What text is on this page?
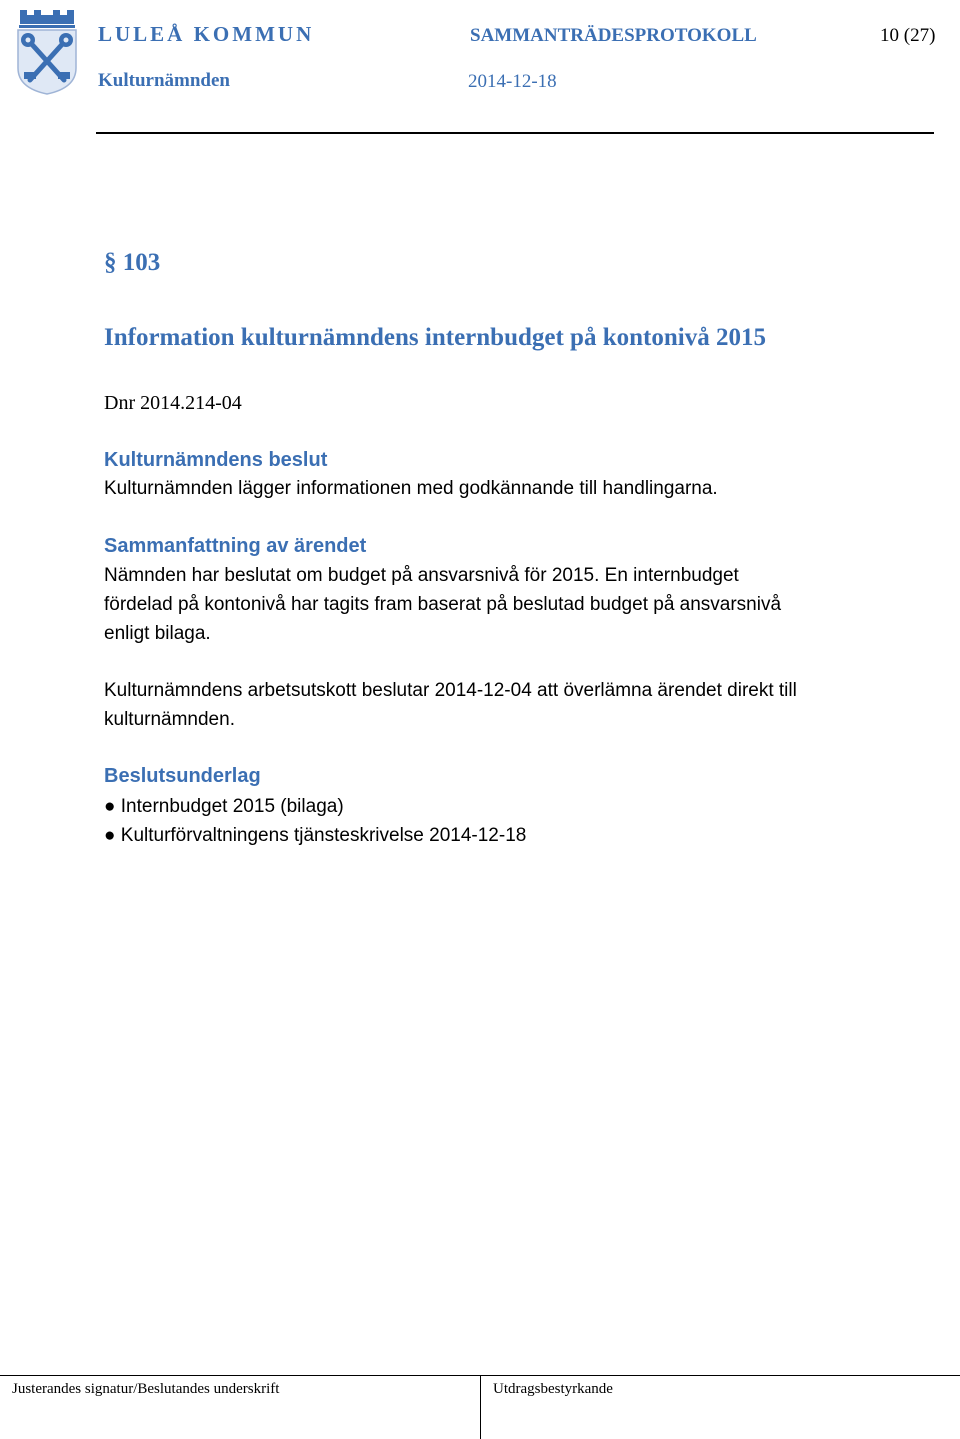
LULEÅ KOMMUN
Kulturnämnden
SAMMANTRÄDESPROTOKOLL	10 (27)
2014-12-18
§ 103
Information kulturnämndens internbudget på kontonivå 2015
Dnr 2014.214-04
Kulturnämndens beslut
Kulturnämnden lägger informationen med godkännande till handlingarna.
Sammanfattning av ärendet
Nämnden har beslutat om budget på ansvarsnivå för 2015. En internbudget fördelad på kontonivå har tagits fram baserat på beslutad budget på ansvarsnivå enligt bilaga.
Kulturnämndens arbetsutskott beslutar 2014-12-04 att överlämna ärendet direkt till kulturnämnden.
Beslutsunderlag
● Internbudget 2015 (bilaga)
● Kulturförvaltningens tjänsteskrivelse 2014-12-18
Justerandes signatur/Beslutandes underskrift	Utdragsbestyrkande
